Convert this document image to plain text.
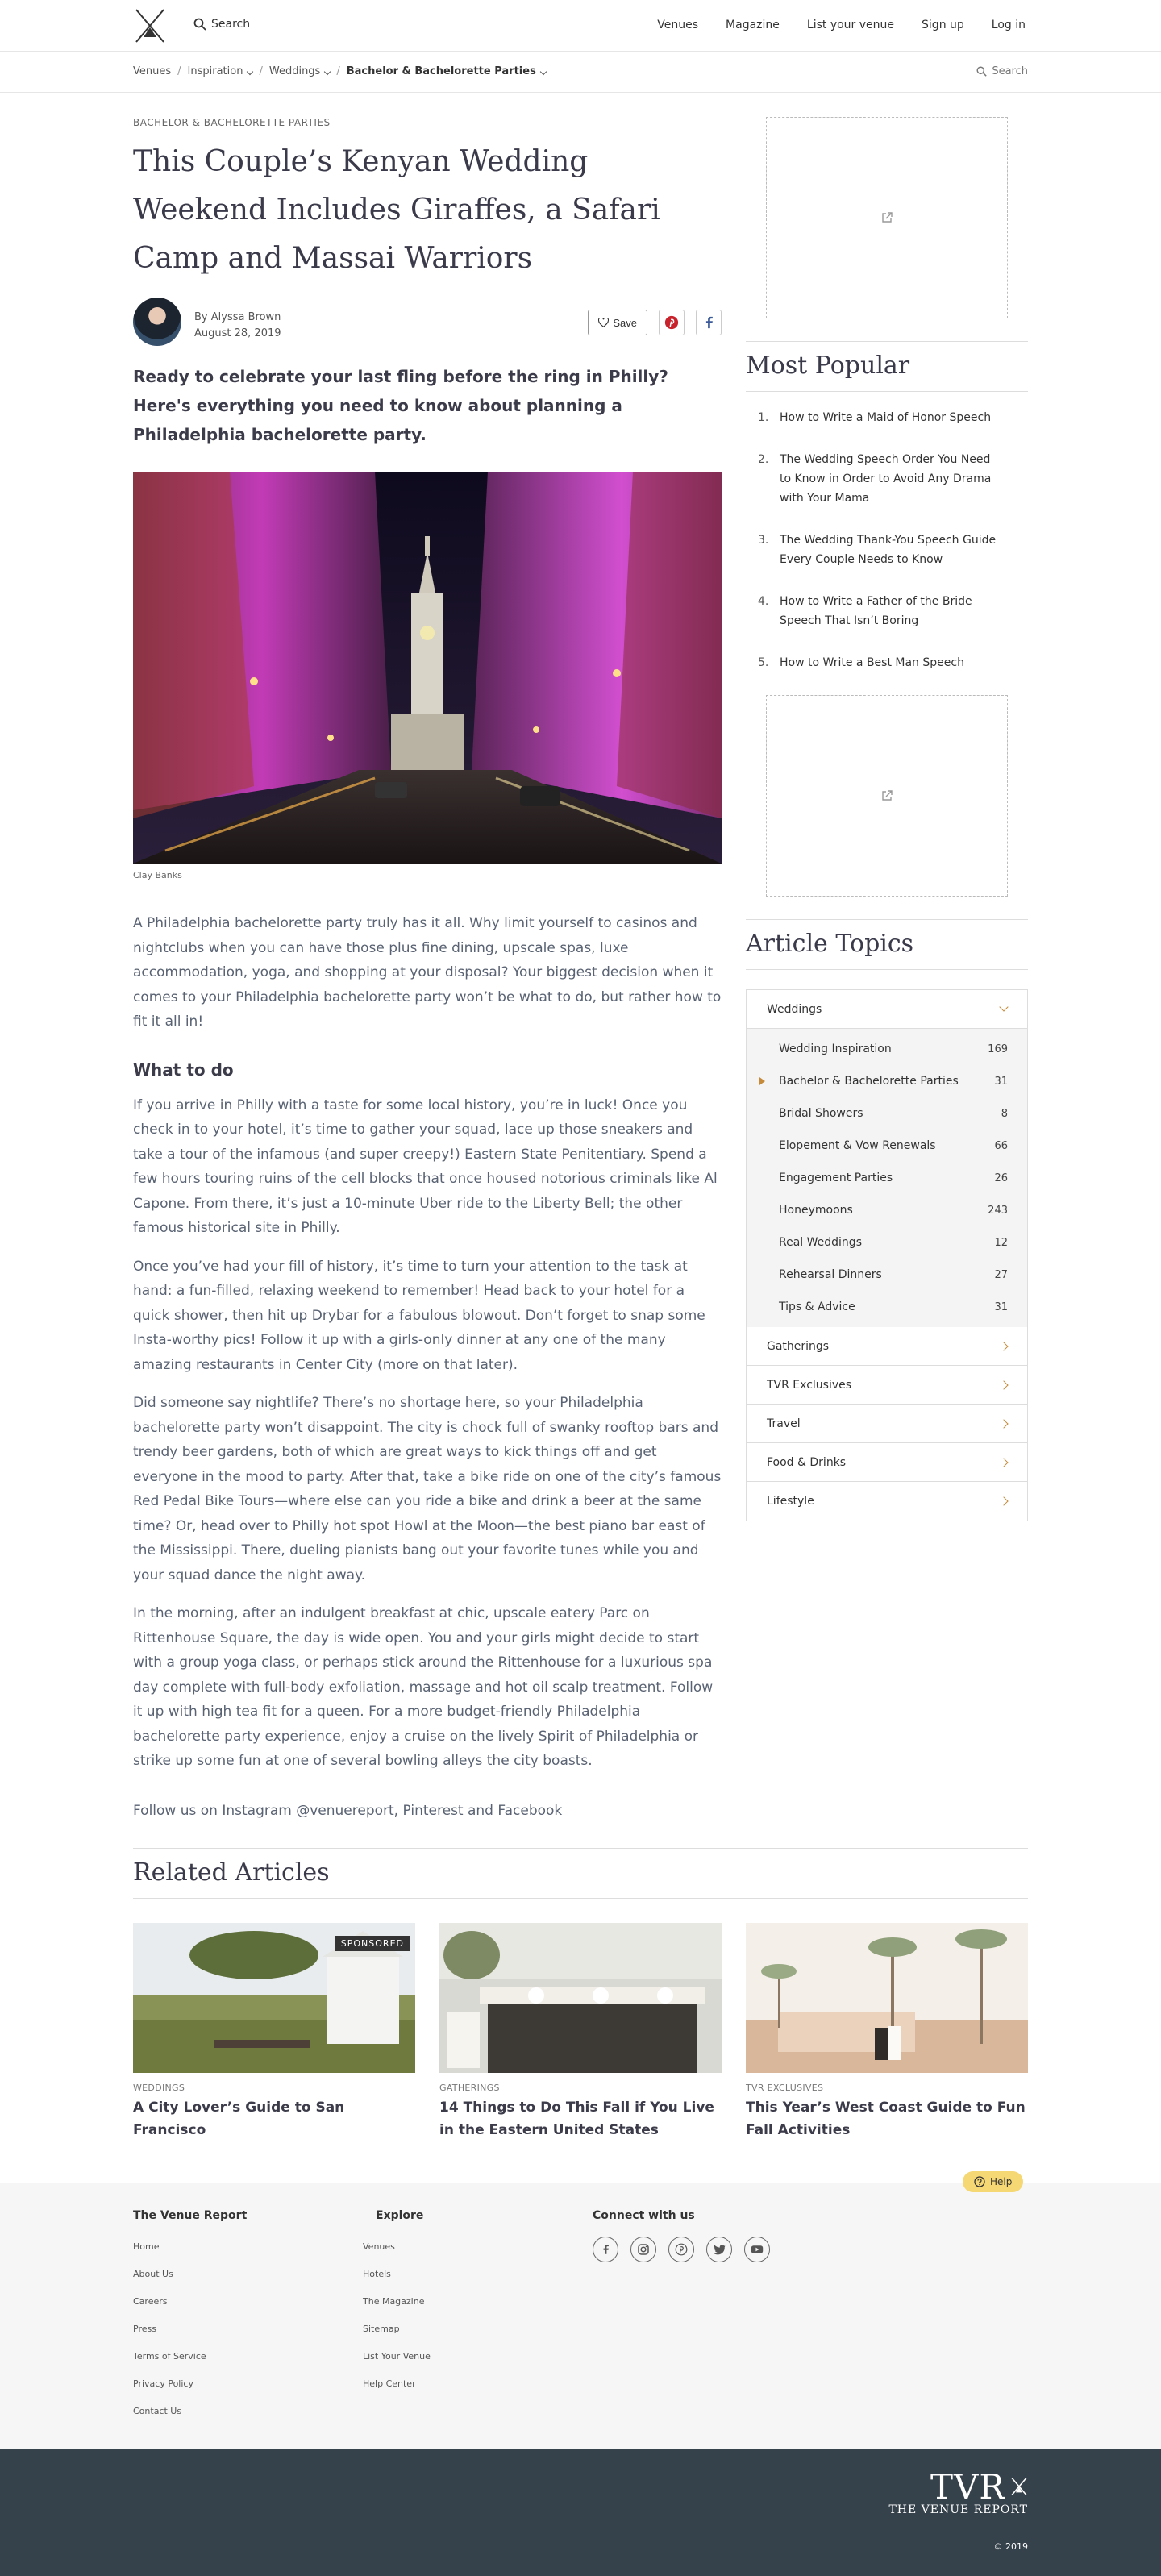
Search	Venues Magazine List your venue Sign up Log in
Venues / Inspiration	/ Weddings	/ Bachelor & Bachelorette Parties	Search
BACHELOR & BACHELORETTE PARTIES
This Couple’s Kenyan Wedding Weekend Includes Giraffes, a Safari Camp and Massai Warriors
By Alyssa Brown
August 28, 2019
Save
Ready to celebrate your last fling before the ring in Philly? Here's everything you need to know about planning a Philadelphia bachelorette party.
Clay Banks

A Philadelphia bachelorette party truly has it all. Why limit yourself to casinos and nightclubs when you can have those plus fine dining, upscale spas, luxe accommodation, yoga, and shopping at your disposal? Your biggest decision when it comes to your Philadelphia bachelorette party won’t be what to do, but rather how to fit it all in!

What to do

If you arrive in Philly with a taste for some local history, you’re in luck! Once you check in to your hotel, it’s time to gather your squad, lace up those sneakers and take a tour of the infamous (and super creepy!) Eastern State Penitentiary. Spend a few hours touring ruins of the cell blocks that once housed notorious criminals like Al Capone. From there, it’s just a 10-minute Uber ride to the Liberty Bell; the other famous historical site in Philly.

Once you’ve had your fill of history, it’s time to turn your attention to the task at hand: a fun-filled, relaxing weekend to remember! Head back to your hotel for a quick shower, then hit up Drybar for a fabulous blowout. Don’t forget to snap some Insta-worthy pics! Follow it up with a girls-only dinner at any one of the many amazing restaurants in Center City (more on that later).

Did someone say nightlife? There’s no shortage here, so your Philadelphia bachelorette party won’t disappoint. The city is chock full of swanky rooftop bars and trendy beer gardens, both of which are great ways to kick things off and get everyone in the mood to party. After that, take a bike ride on one of the city’s famous Red Pedal Bike Tours—where else can you ride a bike and drink a beer at the same time? Or, head over to Philly hot spot Howl at the Moon—the best piano bar east of the Mississippi. There, dueling pianists bang out your favorite tunes while you and your squad dance the night away.

In the morning, after an indulgent breakfast at chic, upscale eatery Parc on Rittenhouse Square, the day is wide open. You and your girls might decide to start with a group yoga class, or perhaps stick around the Rittenhouse for a luxurious spa day complete with full-body exfoliation, massage and hot oil scalp treatment. Follow it up with high tea fit for a queen. For a more budget-friendly Philadelphia bachelorette party experience, enjoy a cruise on the lively Spirit of Philadelphia or strike up some fun at one of several bowling alleys the city boasts.

Follow us on Instagram @venuereport, Pinterest and Facebook
Most Popular
1. How to Write a Maid of Honor Speech
2. The Wedding Speech Order You Need to Know in Order to Avoid Any Drama with Your Mama
3. The Wedding Thank-You Speech Guide Every Couple Needs to Know
4. How to Write a Father of the Bride Speech That Isn’t Boring
5. How to Write a Best Man Speech
Article Topics
Weddings
Wedding Inspiration	169
Bachelor & Bachelorette Parties	31
Bridal Showers	8
Elopement & Vow Renewals	66
Engagement Parties	26
Honeymoons	243
Real Weddings	12
Rehearsal Dinners	27
Tips & Advice	31
Gatherings
TVR Exclusives
Travel
Food & Drinks
Lifestyle
Related Articles
SPONSORED
WEDDINGS
A City Lover’s Guide to San Francisco
GATHERINGS
14 Things to Do This Fall if You Live in the Eastern United States
TVR EXCLUSIVES
This Year’s West Coast Guide to Fun Fall Activities
Help
The Venue Report
Home
About Us
Careers
Press
Terms of Service
Privacy Policy
Contact Us
Explore
Venues
Hotels
The Magazine
Sitemap
List Your Venue
Help Center
Connect with us
TVR
THE VENUE REPORT
© 2019
